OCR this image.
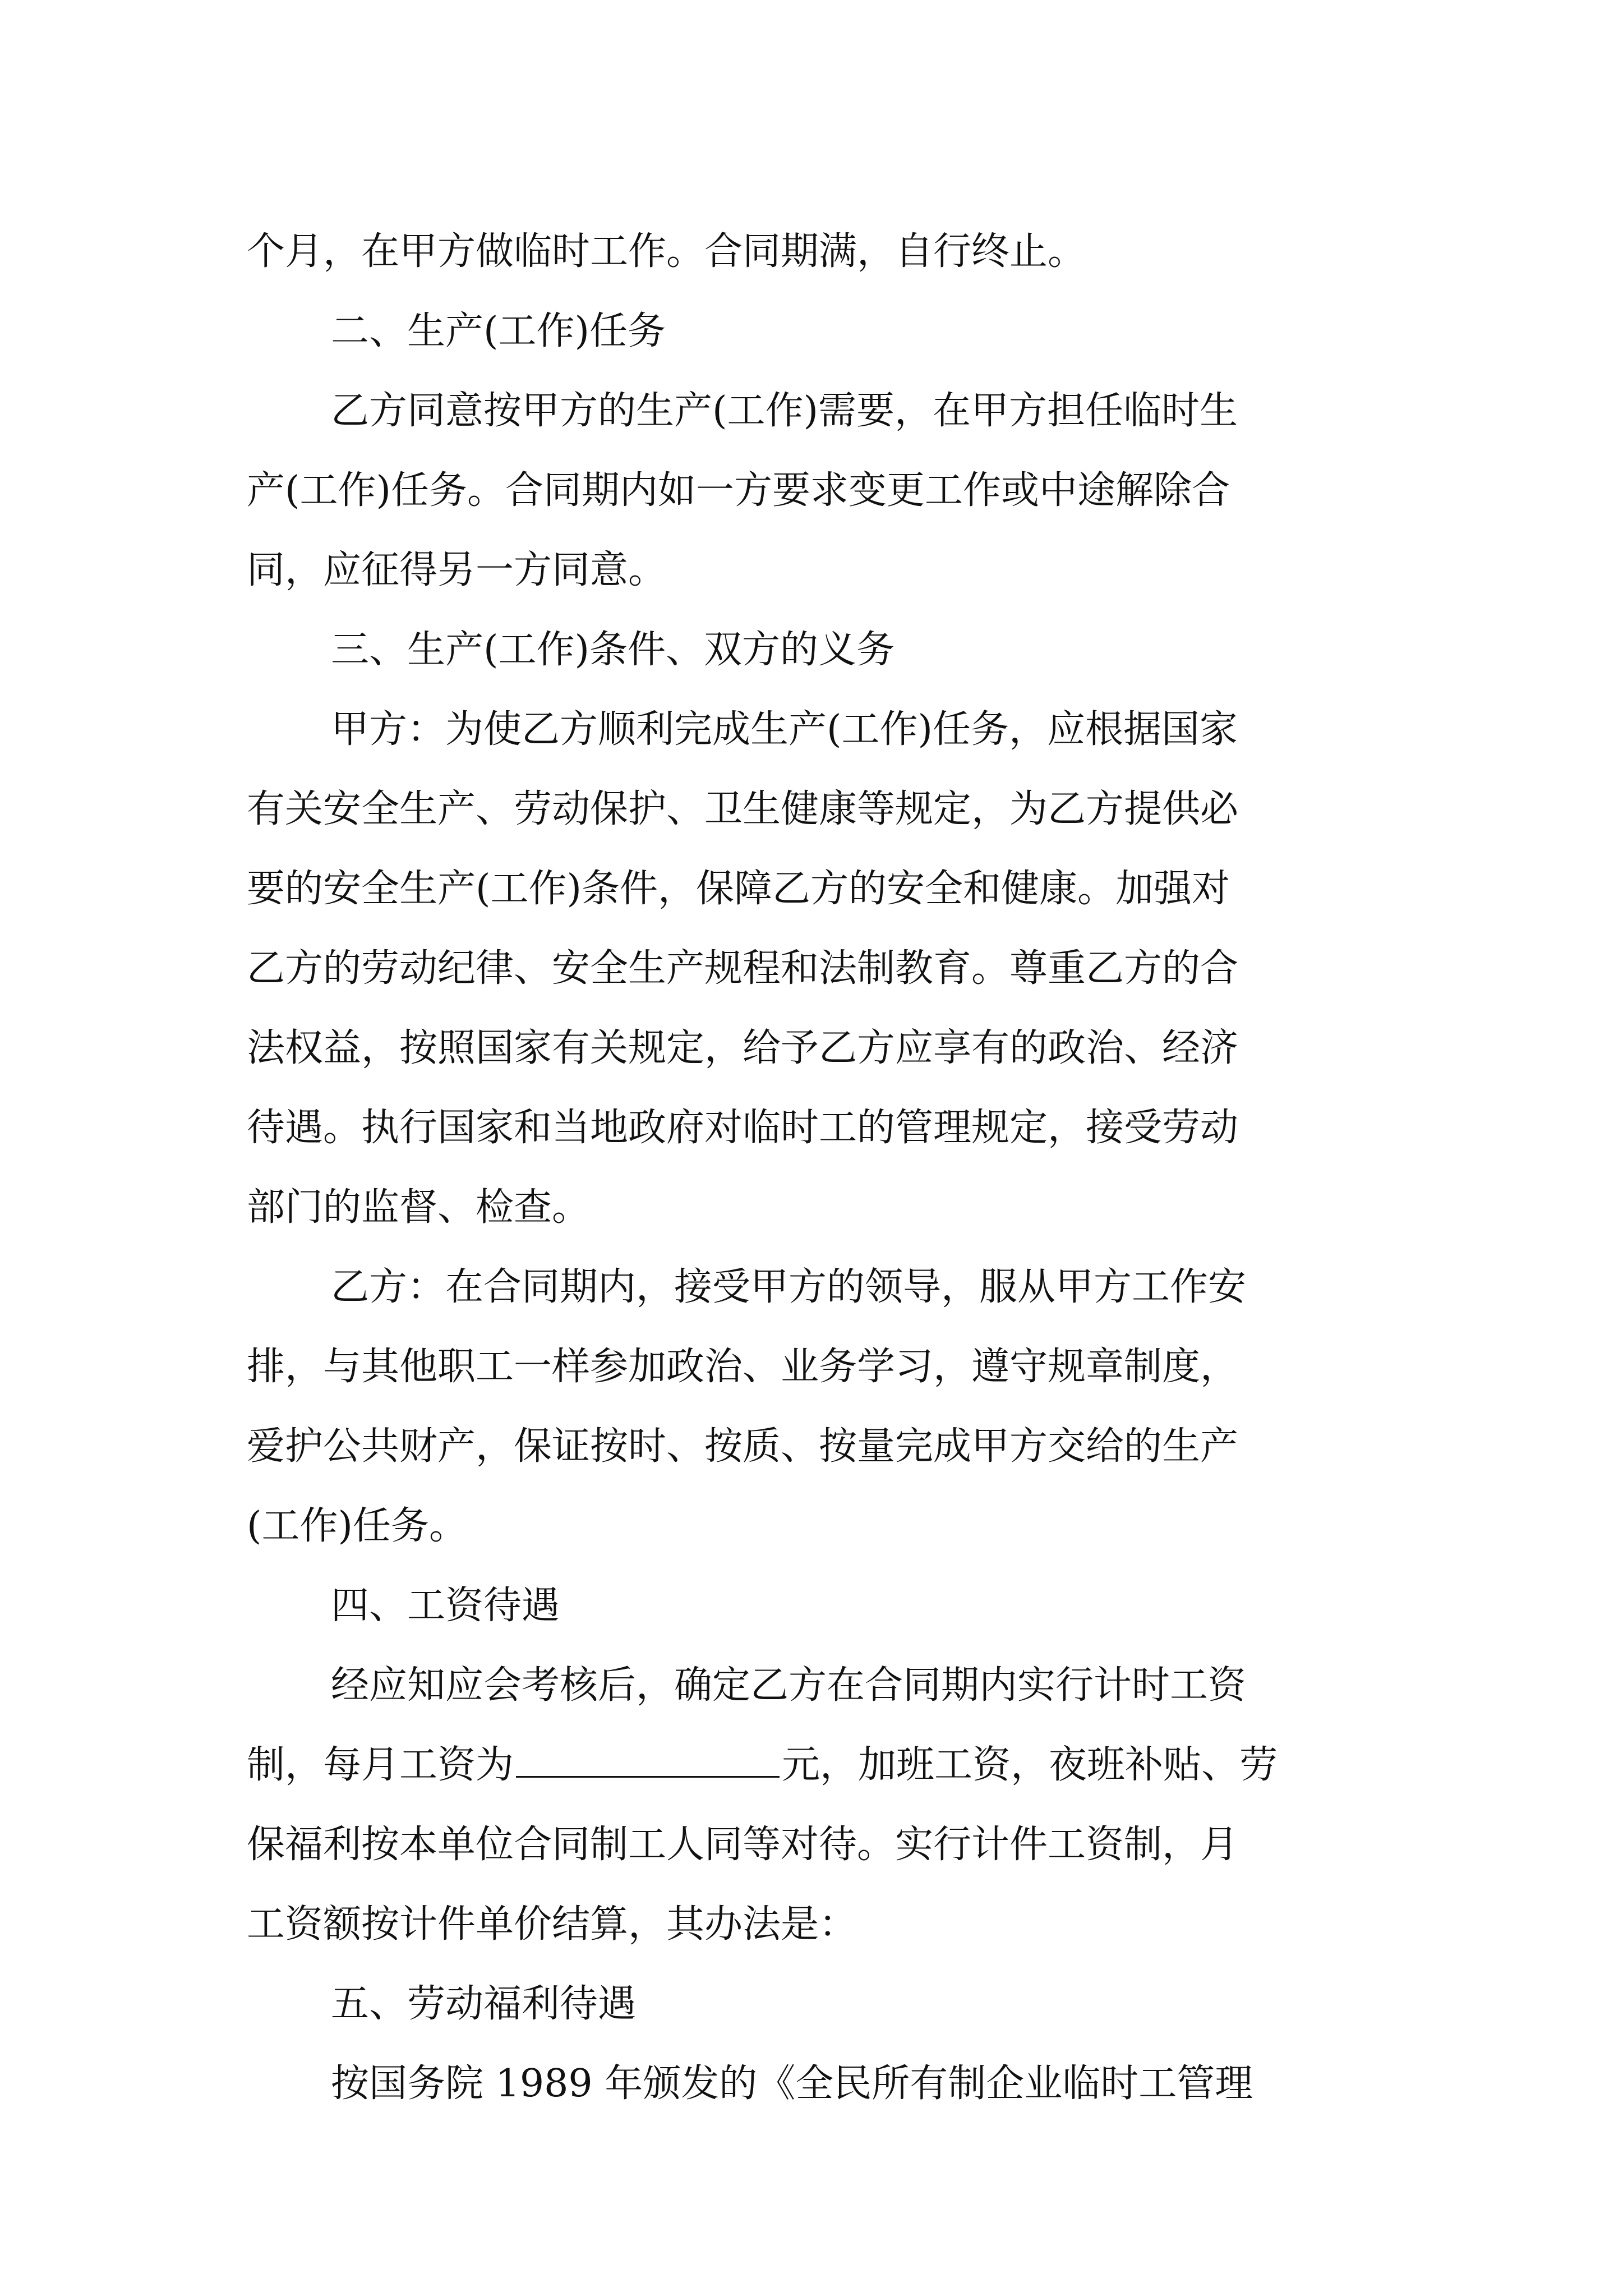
个月，在甲方做临时工作。合同期满，自行终止。
二、生产(工作)任务
乙方同意按甲方的生产(工作)需要，在甲方担任临时生
产(工作)任务。合同期内如一方要求变更工作或中途解除合
同，应征得另一方同意。
三、生产(工作)条件、双方的义务
甲方：为使乙方顺利完成生产(工作)任务，应根据国家
有关安全生产、劳动保护、卫生健康等规定，为乙方提供必
要的安全生产(工作)条件，保障乙方的安全和健康。加强对
乙方的劳动纪律、安全生产规程和法制教育。尊重乙方的合
法权益，按照国家有关规定，给予乙方应享有的政治、经济
待遇。执行国家和当地政府对临时工的管理规定，接受劳动
部门的监督、检查。
乙方：在合同期内，接受甲方的领导，服从甲方工作安
排，与其他职工一样参加政治、业务学习，遵守规章制度，
爱护公共财产，保证按时、按质、按量完成甲方交给的生产
(工作)任务。
四、工资待遇
经应知应会考核后，确定乙方在合同期内实行计时工资
制，每月工资为	元，加班工资，夜班补贴、劳
保福利按本单位合同制工人同等对待。实行计件工资制，月
工资额按计件单价结算，其办法是：
五、劳动福利待遇
按国务院 1989 年颁发的《全民所有制企业临时工管理
